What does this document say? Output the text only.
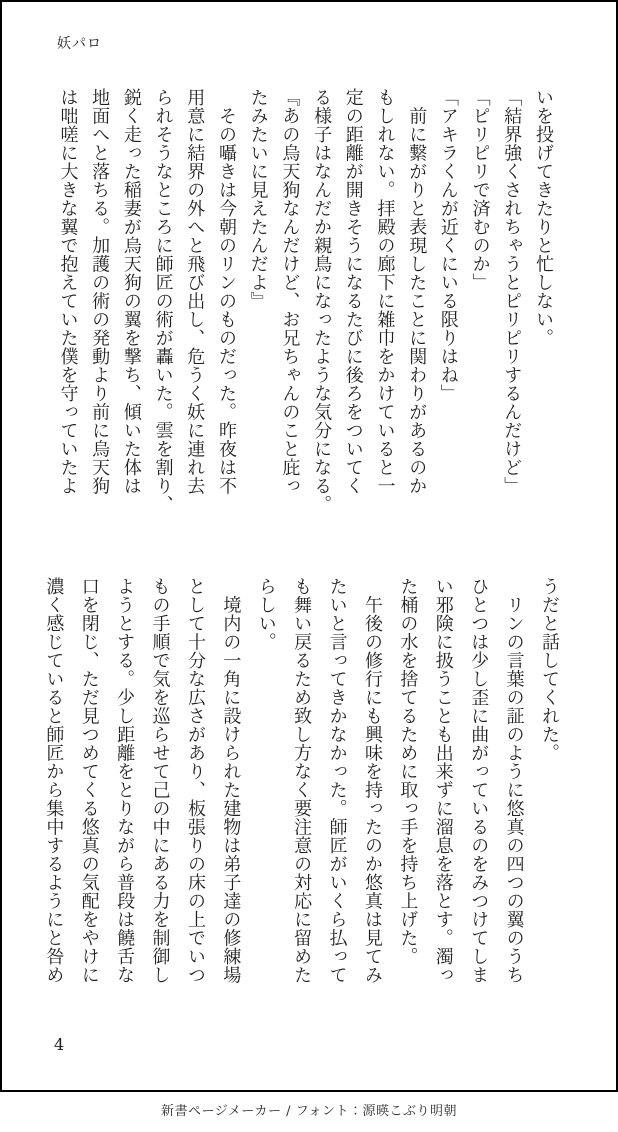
妖パロ

いを投げてきたりと忙しない。

「結界強くされちゃうとピリピリするんだけど」

「ピリピリで済むのか」

「アキラくんが近くにいる限りはね」

　前に繋がりと表現したことに関わりがあるのか

もしれない。拝殿の廊下に雑巾をかけていると一

定の距離が開きそうになるたびに後ろをついてく

る様子はなんだか親鳥になったような気分になる。

『あの烏天狗なんだけど、お兄ちゃんのこと庇っ

たみたいに見えたんだよ』

　その囁きは今朝のリンのものだった。昨夜は不

用意に結界の外へと飛び出し、危うく妖に連れ去

られそうなところに師匠の術が轟いた。雲を割り、

鋭く走った稲妻が烏天狗の翼を撃ち、傾いた体は

地面へと落ちる。加護の術の発動より前に烏天狗

は咄嗟に大きな翼で抱えていた僕を守っていたよ

うだと話してくれた。

　リンの言葉の証のように悠真の四つの翼のうち

ひとつは少し歪に曲がっているのをみつけてしま

い邪険に扱うことも出来ずに溜息を落とす。濁っ

た桶の水を捨てるために取っ手を持ち上げた。

　午後の修行にも興味を持ったのか悠真は見てみ

たいと言ってきかなかった。師匠がいくら払って

も舞い戻るため致し方なく要注意の対応に留めた

らしい。

　境内の一角に設けられた建物は弟子達の修練場

として十分な広さがあり、板張りの床の上でいつ

もの手順で気を巡らせて己の中にある力を制御し

ようとする。少し距離をとりながら普段は饒舌な

口を閉じ、ただ見つめてくる悠真の気配をやけに

濃く感じていると師匠から集中するようにと咎め

4
新書ページメーカー / フォント：源暎こぶり明朝
